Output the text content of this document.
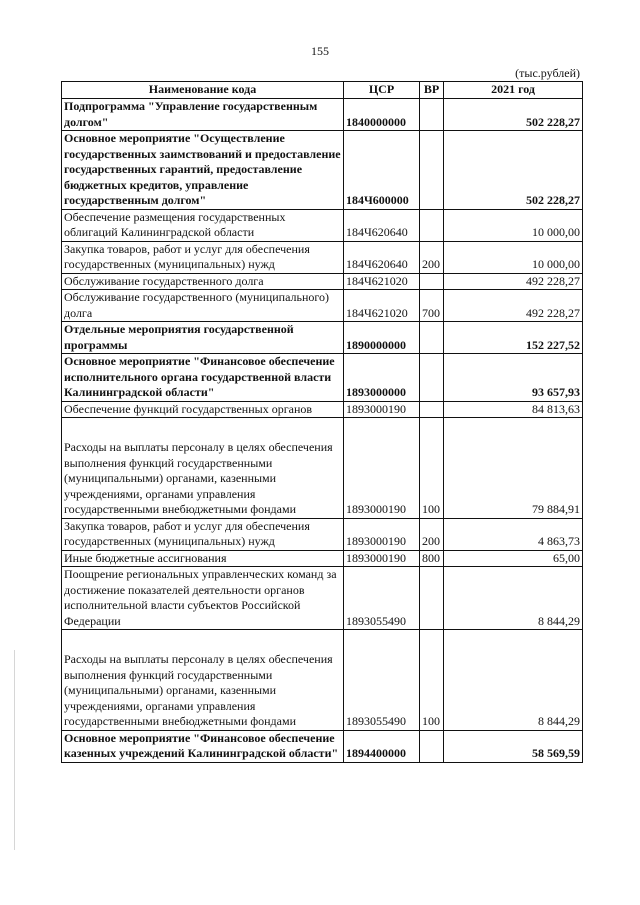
155
(тыс.рублей)
Наименование кода	ЦСР	ВР	2021 год
Подпрограмма "Управление государственным долгом"	1840000000		502 228,27
Основное мероприятие "Осуществление государственных заимствований и предоставление государственных гарантий, предоставление бюджетных кредитов, управление государственным долгом"	184Ч600000		502 228,27
Обеспечение размещения государственных облигаций Калининградской области	184Ч620640		10 000,00
Закупка товаров, работ и услуг для обеспечения государственных (муниципальных) нужд	184Ч620640	200	10 000,00
Обслуживание государственного долга	184Ч621020		492 228,27
Обслуживание государственного (муниципального) долга	184Ч621020	700	492 228,27
Отдельные мероприятия государственной программы	1890000000		152 227,52
Основное мероприятие "Финансовое обеспечение исполнительного органа государственной власти Калининградской области"	1893000000		93 657,93
Обеспечение функций государственных органов	1893000190		84 813,63
Расходы на выплаты персоналу в целях обеспечения выполнения функций государственными (муниципальными) органами, казенными учреждениями, органами управления государственными внебюджетными фондами	1893000190	100	79 884,91
Закупка товаров, работ и услуг для обеспечения государственных (муниципальных) нужд	1893000190	200	4 863,73
Иные бюджетные ассигнования	1893000190	800	65,00
Поощрение региональных управленческих команд за достижение показателей деятельности органов исполнительной власти субъектов Российской Федерации	1893055490		8 844,29
Расходы на выплаты персоналу в целях обеспечения выполнения функций государственными (муниципальными) органами, казенными учреждениями, органами управления государственными внебюджетными фондами	1893055490	100	8 844,29
Основное мероприятие "Финансовое обеспечение казенных учреждений Калининградской области"	1894400000		58 569,59
